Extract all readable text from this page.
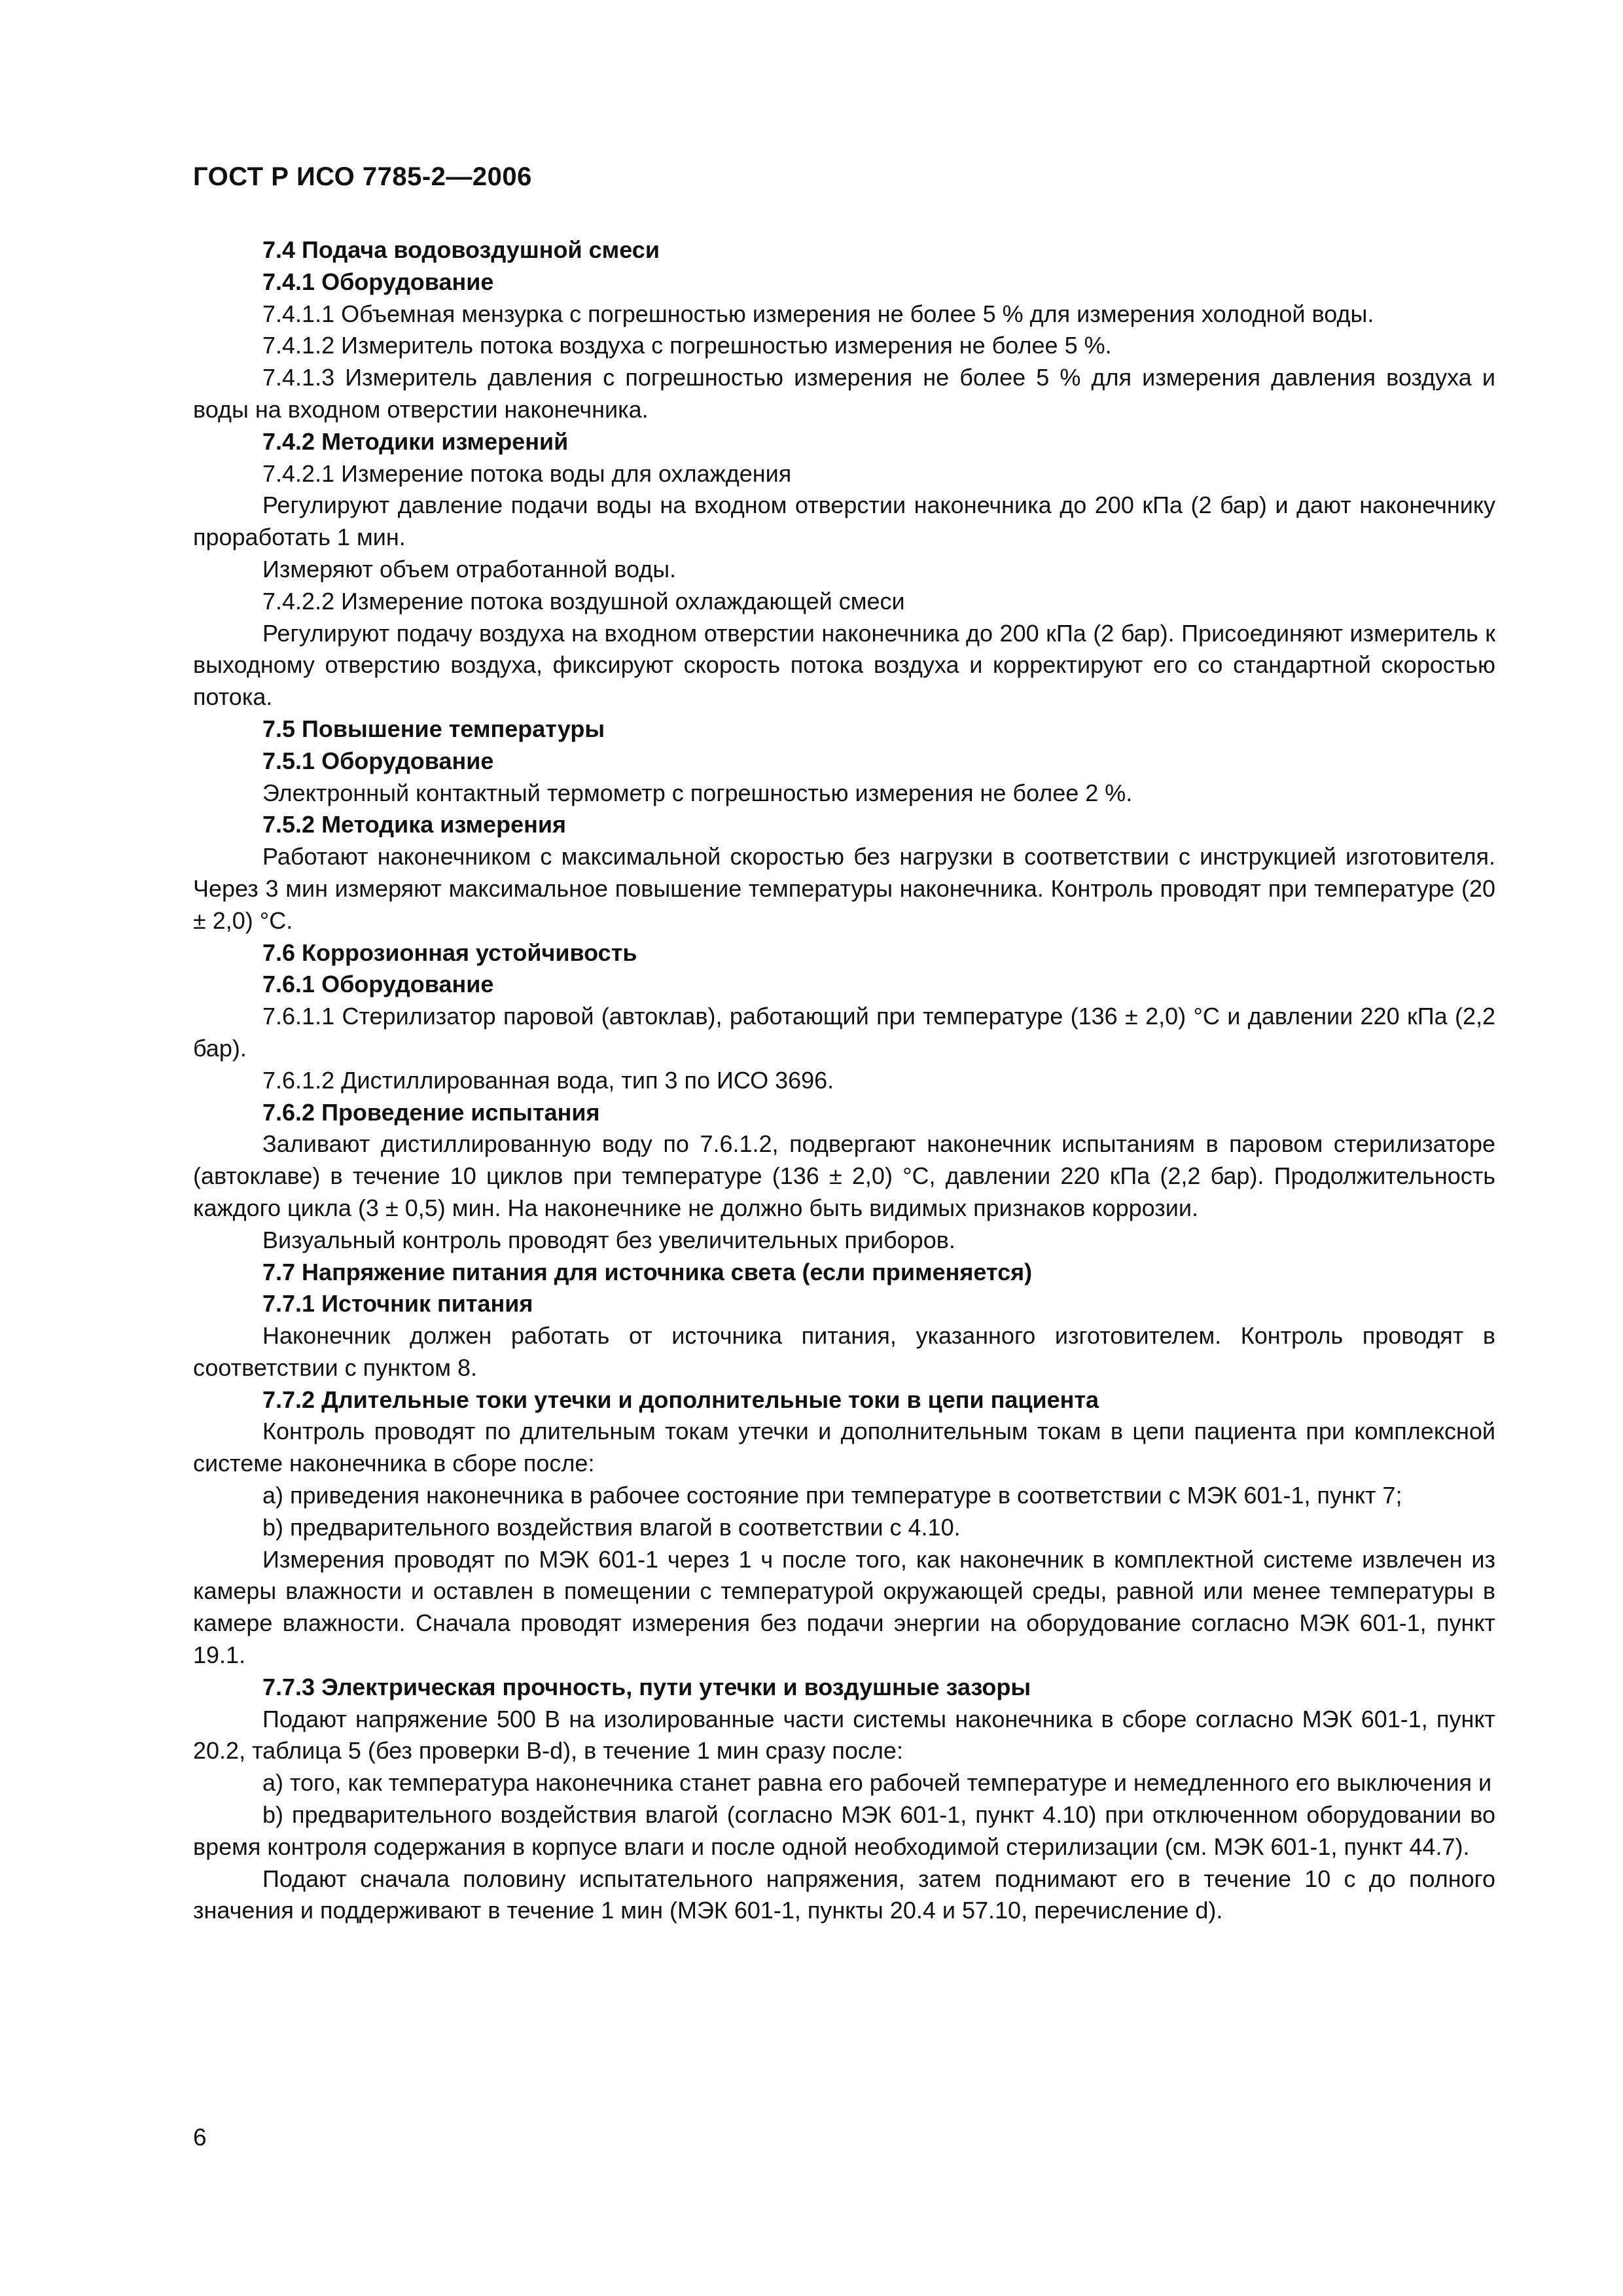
ГОСТ Р ИСО 7785-2—2006

7.4 Подача водовоздушной смеси

7.4.1 Оборудование

7.4.1.1 Объемная мензурка с погрешностью измерения не более 5 % для измерения холодной воды.

7.4.1.2 Измеритель потока воздуха с погрешностью измерения не более 5 %.

7.4.1.3 Измеритель давления с погрешностью измерения не более 5 % для измерения давления воздуха и воды на входном отверстии наконечника.

7.4.2 Методики измерений

7.4.2.1 Измерение потока воды для охлаждения

Регулируют давление подачи воды на входном отверстии наконечника до 200 кПа (2 бар) и дают наконечнику проработать 1 мин.

Измеряют объем отработанной воды.

7.4.2.2 Измерение потока воздушной охлаждающей смеси

Регулируют подачу воздуха на входном отверстии наконечника до 200 кПа (2 бар). Присоединяют измеритель к выходному отверстию воздуха, фиксируют скорость потока воздуха и корректируют его со стандартной скоростью потока.

7.5 Повышение температуры

7.5.1 Оборудование

Электронный контактный термометр с погрешностью измерения не более 2 %.

7.5.2 Методика измерения

Работают наконечником с максимальной скоростью без нагрузки в соответствии с инструкцией изготовителя. Через 3 мин измеряют максимальное повышение температуры наконечника. Контроль проводят при температуре (20 ± 2,0) °С.

7.6 Коррозионная устойчивость

7.6.1 Оборудование

7.6.1.1 Стерилизатор паровой (автоклав), работающий при температуре (136 ± 2,0) °С и давлении 220 кПа (2,2 бар).

7.6.1.2 Дистиллированная вода, тип 3 по ИСО 3696.

7.6.2 Проведение испытания

Заливают дистиллированную воду по 7.6.1.2, подвергают наконечник испытаниям в паровом стерилизаторе (автоклаве) в течение 10 циклов при температуре (136 ± 2,0) °С, давлении 220 кПа (2,2 бар). Продолжительность каждого цикла (3 ± 0,5) мин. На наконечнике не должно быть видимых признаков коррозии.

Визуальный контроль проводят без увеличительных приборов.

7.7 Напряжение питания для источника света (если применяется)

7.7.1 Источник питания

Наконечник должен работать от источника питания, указанного изготовителем. Контроль проводят в соответствии с пунктом 8.

7.7.2 Длительные токи утечки и дополнительные токи в цепи пациента

Контроль проводят по длительным токам утечки и дополнительным токам в цепи пациента при комплексной системе наконечника в сборе после:

a) приведения наконечника в рабочее состояние при температуре в соответствии с МЭК 601-1, пункт 7;

b) предварительного воздействия влагой в соответствии с 4.10.

Измерения проводят по МЭК 601-1 через 1 ч после того, как наконечник в комплектной системе извлечен из камеры влажности и оставлен в помещении с температурой окружающей среды, равной или менее температуры в камере влажности. Сначала проводят измерения без подачи энергии на оборудование согласно МЭК 601-1, пункт 19.1.

7.7.3 Электрическая прочность, пути утечки и воздушные зазоры

Подают напряжение 500 В на изолированные части системы наконечника в сборе согласно МЭК 601-1, пункт 20.2, таблица 5 (без проверки B-d), в течение 1 мин сразу после:

a) того, как температура наконечника станет равна его рабочей температуре и немедленного его выключения и

b) предварительного воздействия влагой (согласно МЭК 601-1, пункт 4.10) при отключенном оборудовании во время контроля содержания в корпусе влаги и после одной необходимой стерилизации (см. МЭК 601-1, пункт 44.7).

Подают сначала половину испытательного напряжения, затем поднимают его в течение 10 с до полного значения и поддерживают в течение 1 мин (МЭК 601-1, пункты 20.4 и 57.10, перечисление d).

6
